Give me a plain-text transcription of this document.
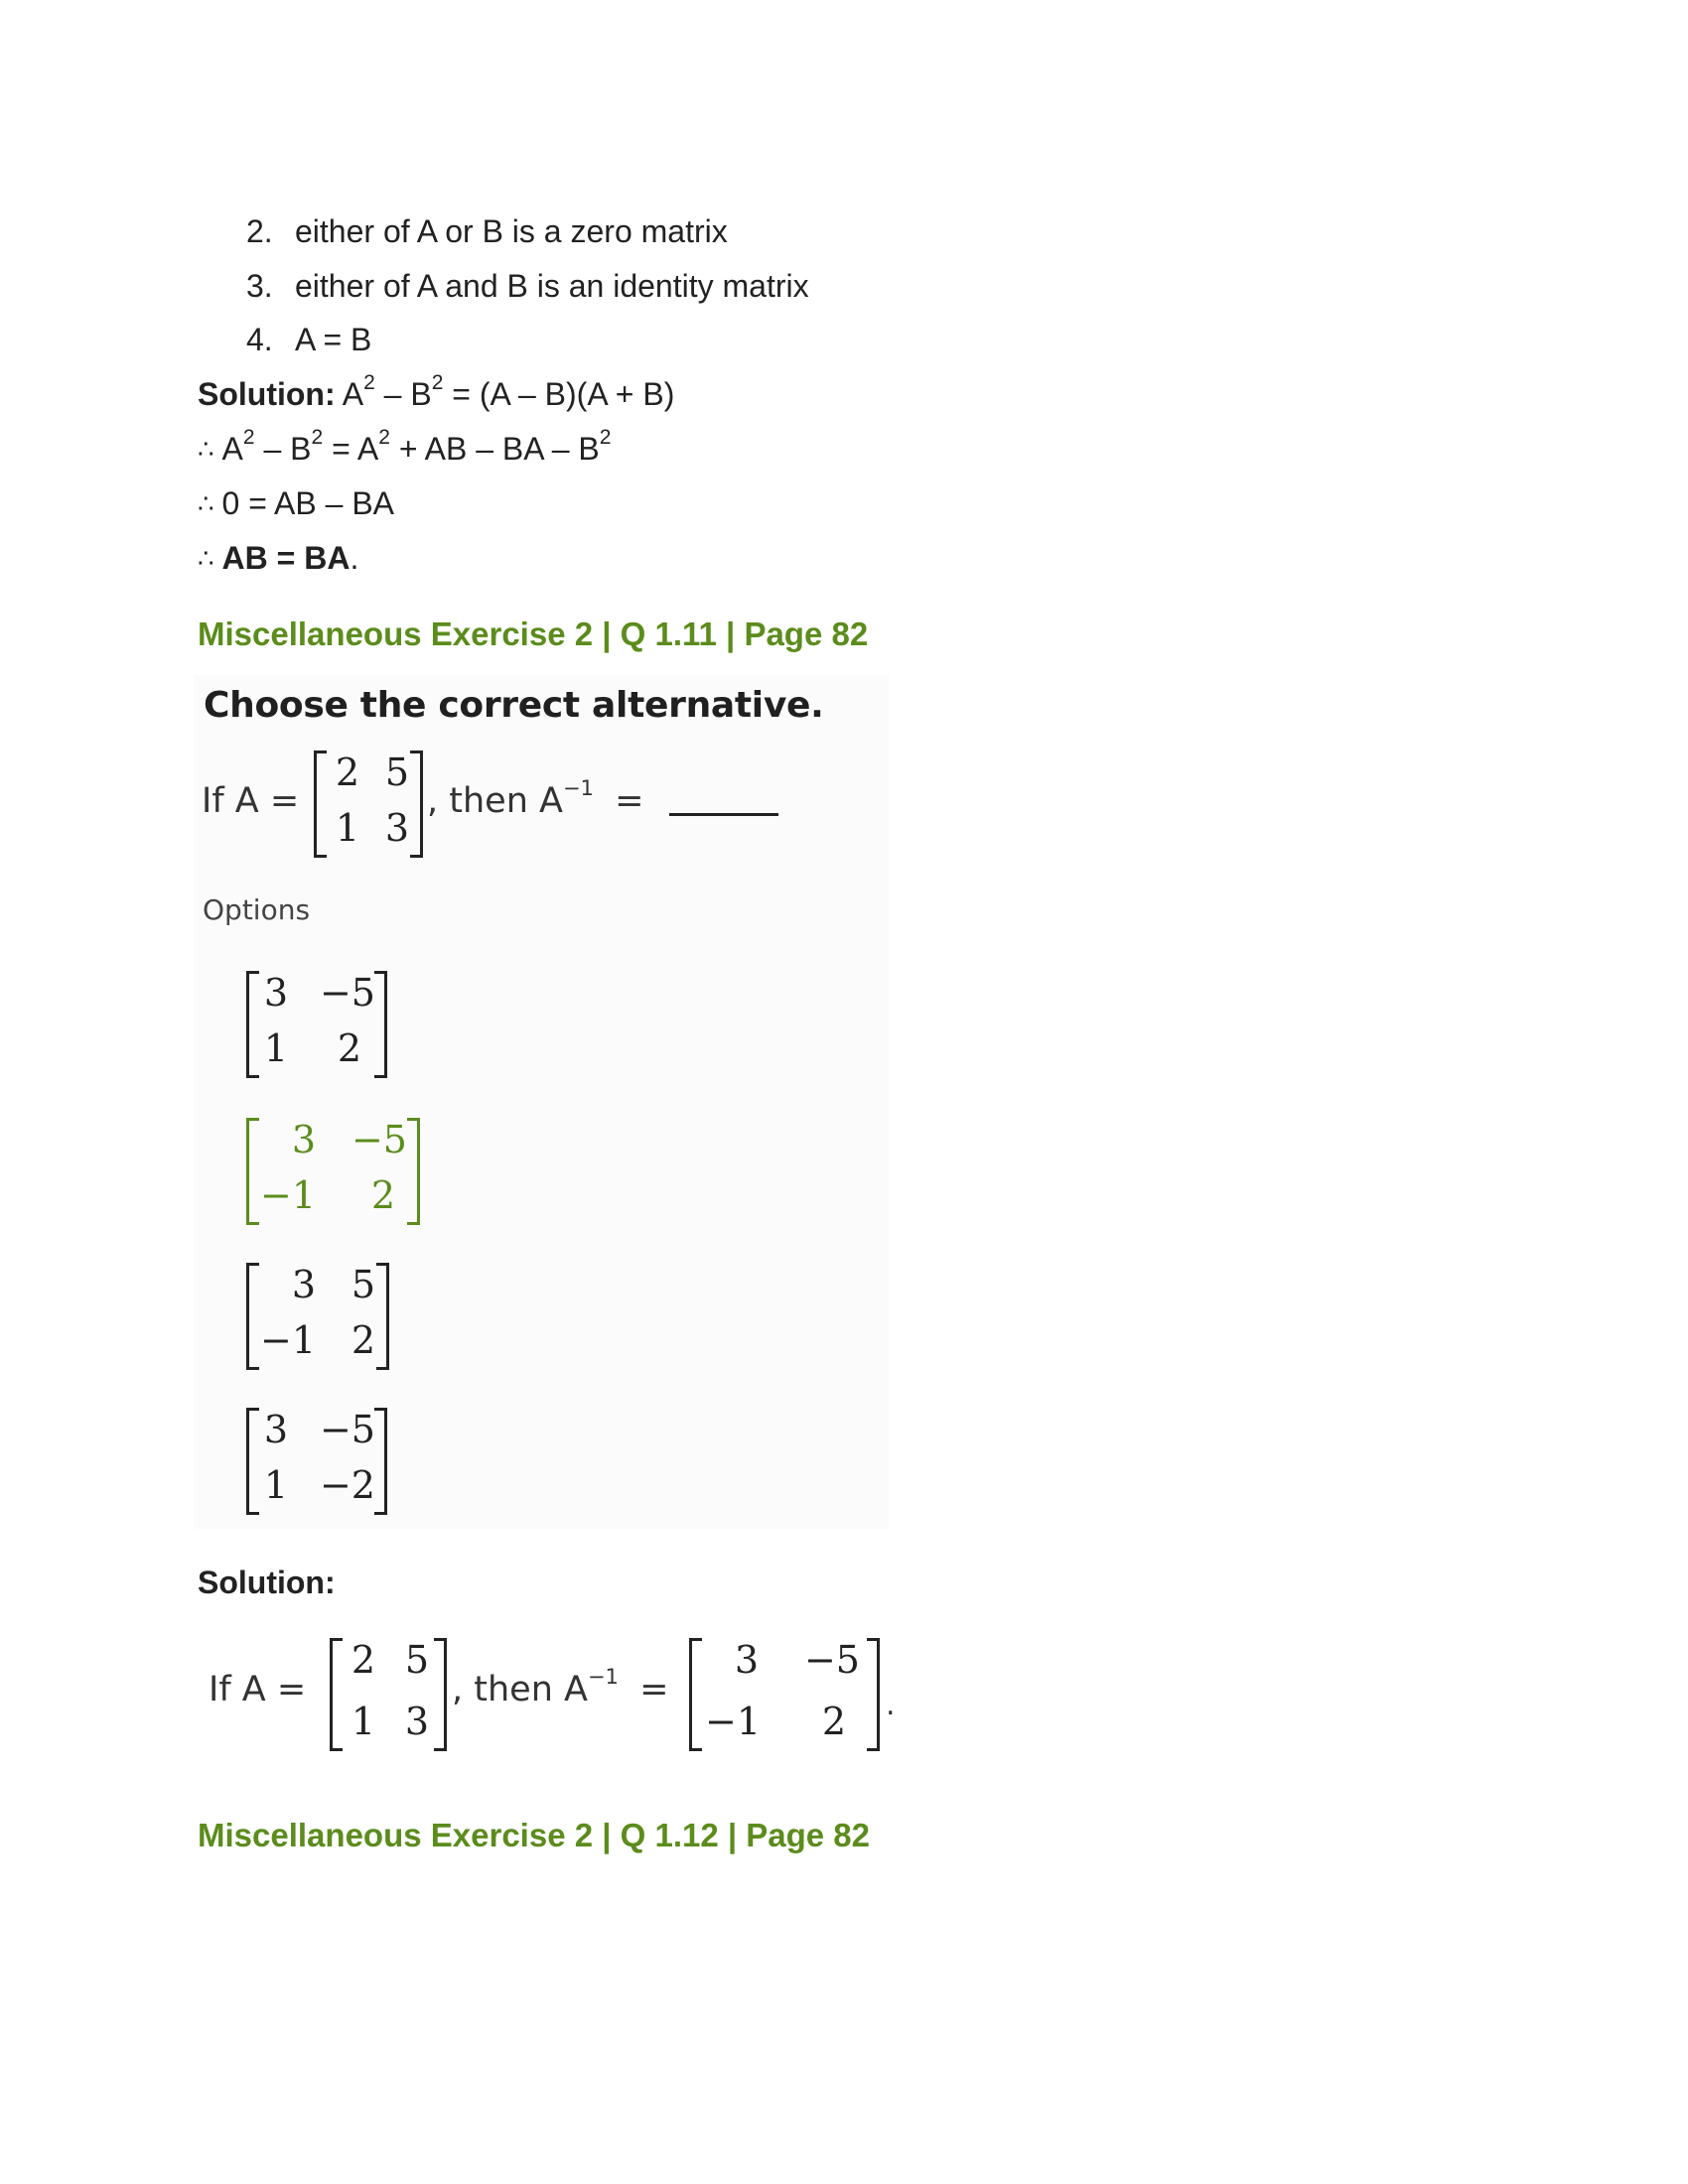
2. either of A or B is a zero matrix
3. either of A and B is an identity matrix
4. A = B
Solution: $A^2 - B^2 = (A - B)(A + B)$
∴ $A^2 - B^2 = A^2$ + AB – BA – $B^2$
∴ 0 = AB – BA
∴ AB = BA.
Miscellaneous Exercise 2 | Q 1.11 | Page 82
Choose the correct alternative.
If A =
2 5
1 3
, then $A^{-1}$ =
Options
3 −5
1	2
3 −5
−1	2
3 5
−1 2
3 −5
1 −2
Solution:
If A =
2 5
1 3
, then $A^{-1}$ =
3 −5
−1	2 .
Miscellaneous Exercise 2 | Q 1.12 | Page 82
